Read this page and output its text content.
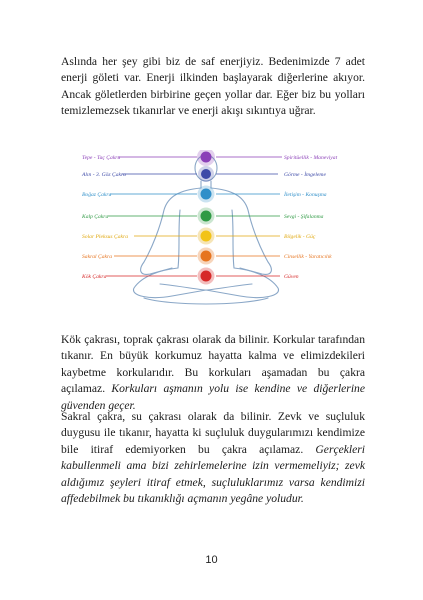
Aslında her şey gibi biz de saf enerjiyiz. Bedenimizde 7 adet enerji göleti var. Enerji ilkinden başlayarak diğerlerine akıyor. Ancak göletlerden birbirine geçen yollar dar. Eğer biz bu yolları temizlemezsek tıkanırlar ve enerji akışı sıkıntıya uğrar.

Tepe - Taç Çakra
Alın - 3. Göz Çakra
Boğaz Çakra
Kalp Çakra
Solar Pleksus Çakra
Sakral Çakra
Kök Çakra
Spiritüellik - Maneviyat
Görme - İmgeleme
İletişim - Konuşma
Sevgi - Şifalanma
Bilgelik - Güç
Cinsellik - Yaratıcılık
Güven

Kök çakrası, toprak çakrası olarak da bilinir. Korkular tarafından tıkanır. En büyük korkumuz hayatta kalma ve elimizdekileri kaybetme korkularıdır. Bu korkuları aşamadan bu çakra açılamaz. Korkuları aşmanın yolu ise kendine ve diğerlerine güvenden geçer.

Sakral çakra, su çakrası olarak da bilinir. Zevk ve suçluluk duygusu ile tıkanır, hayatta ki suçluluk duygularımızı kendimize bile itiraf edemiyorken bu çakra açılamaz. Gerçekleri kabullenmeli ama bizi zehirlemelerine izin vermemeliyiz; zevk aldığımız şeyleri itiraf etmek, suçluluklarımız varsa kendimizi affedebilmek bu tıkanıklığı açmanın yegâne yoludur.

10
